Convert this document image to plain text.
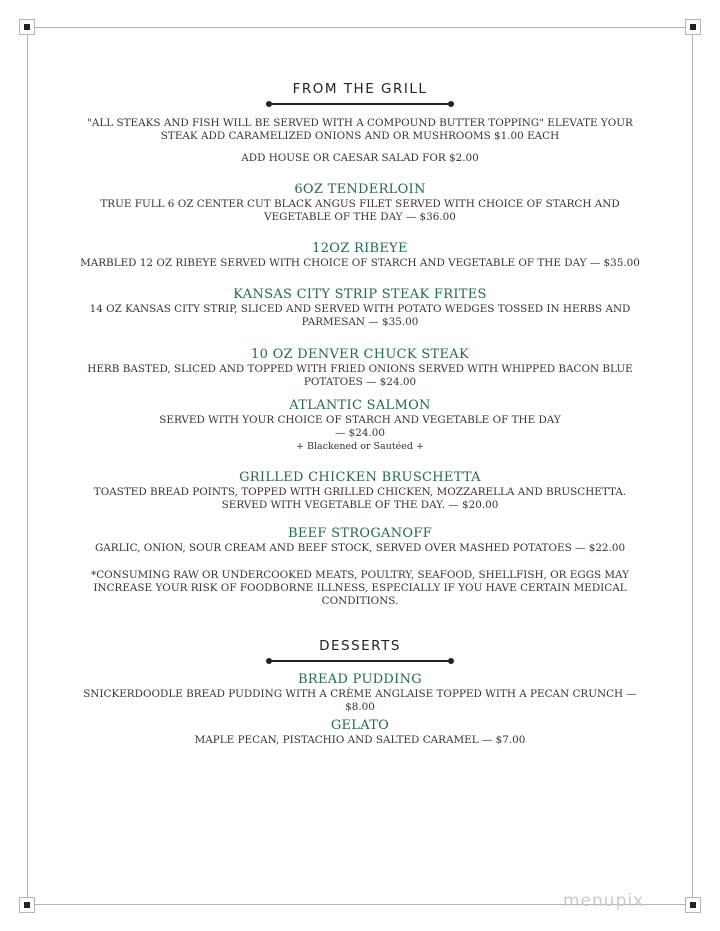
FROM THE GRILL

"ALL STEAKS AND FISH WILL BE SERVED WITH A COMPOUND BUTTER TOPPING" ELEVATE YOUR STEAK ADD CARAMELIZED ONIONS AND OR MUSHROOMS $1.00 EACH

ADD HOUSE OR CAESAR SALAD FOR $2.00

6OZ TENDERLOIN

TRUE FULL 6 OZ CENTER CUT BLACK ANGUS FILET SERVED WITH CHOICE OF STARCH AND VEGETABLE OF THE DAY — $36.00

12OZ RIBEYE

MARBLED 12 OZ RIBEYE SERVED WITH CHOICE OF STARCH AND VEGETABLE OF THE DAY — $35.00

KANSAS CITY STRIP STEAK FRITES

14 OZ KANSAS CITY STRIP, SLICED AND SERVED WITH POTATO WEDGES TOSSED IN HERBS AND PARMESAN — $35.00

10 OZ DENVER CHUCK STEAK

HERB BASTED, SLICED AND TOPPED WITH FRIED ONIONS SERVED WITH WHIPPED BACON BLUE POTATOES — $24.00

ATLANTIC SALMON

SERVED WITH YOUR CHOICE OF STARCH AND VEGETABLE OF THE DAY

— $24.00

+ Blackened or Sautéed +

GRILLED CHICKEN BRUSCHETTA

TOASTED BREAD POINTS, TOPPED WITH GRILLED CHICKEN, MOZZARELLA AND BRUSCHETTA. SERVED WITH VEGETABLE OF THE DAY. — $20.00

BEEF STROGANOFF

GARLIC, ONION, SOUR CREAM AND BEEF STOCK, SERVED OVER MASHED POTATOES — $22.00

*CONSUMING RAW OR UNDERCOOKED MEATS, POULTRY, SEAFOOD, SHELLFISH, OR EGGS MAY INCREASE YOUR RISK OF FOODBORNE ILLNESS, ESPECIALLY IF YOU HAVE CERTAIN MEDICAL CONDITIONS.

DESSERTS

BREAD PUDDING

SNICKERDOODLE BREAD PUDDING WITH A CRÈME ANGLAISE TOPPED WITH A PECAN CRUNCH — $8.00

GELATO

MAPLE PECAN, PISTACHIO AND SALTED CARAMEL — $7.00

menupix
